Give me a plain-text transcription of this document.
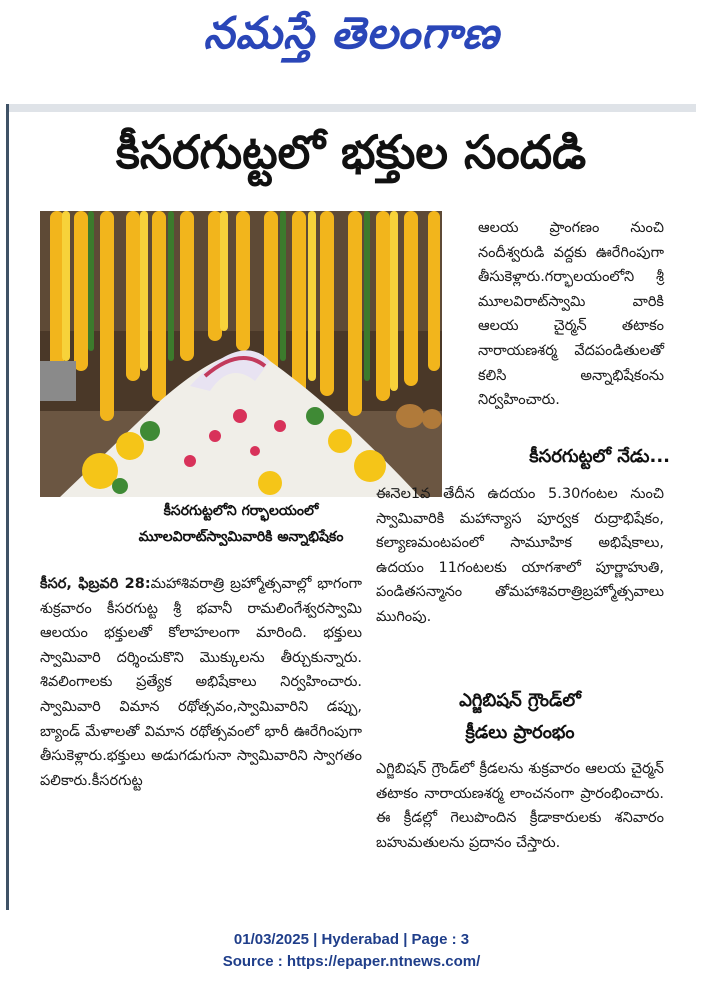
నమస్తే తెలంగాణ
కీసరగుట్టలో భక్తుల సందడి
కీసరగుట్టలోని గర్భాలయంలో
మూలవిరాట్‌స్వామివారికి అన్నాభిషేకం
కీసర, ఫిబ్రవరి 28:మహాశివరాత్రి బ్రహ్మోత్సవాల్లో భాగంగా శుక్రవారం కీసరగుట్ట శ్రీ భవానీ రామలింగేశ్వరస్వామి ఆలయం భక్తులతో కోలాహలంగా మారింది. భక్తులు స్వామివారి దర్శించుకొని మొక్కులను తీర్చుకున్నారు. శివలింగాలకు ప్రత్యేక అభిషేకాలు నిర్వహించారు. స్వామివారి విమాన రథోత్సవం,స్వామివారిని డప్పు, బ్యాండ్ మేళాలతో విమాన రథోత్సవంలో భారీ ఊరేగింపుగా తీసుకెళ్లారు.భక్తులు అడుగడుగునా స్వామివారిని స్వాగతం పలికారు.కీసరగుట్ట
ఆలయ ప్రాంగణం నుంచి నందీశ్వరుడి వద్దకు ఊరేగింపుగా తీసుకెళ్లారు.గర్భాలయంలోని శ్రీ మూలవిరాట్‌స్వామి వారికి ఆలయ చైర్మన్ తటాకం నారాయణశర్మ వేదపండితులతో కలిసి అన్నాభిషేకంను నిర్వహించారు.
కీసరగుట్టలో నేడు...
ఈనెల1వ తేదీన ఉదయం 5.30గంటల నుంచి స్వామివారికి మహాన్యాస పూర్వక రుద్రాభిషేకం, కల్యాణమంటపంలో సామూహిక అభిషేకాలు, ఉదయం 11గంటలకు యాగశాలో పూర్ణాహుతి, పండితసన్మానం తోమహాశివరాత్రిబ్రహ్మోత్సవాలు ముగింపు.
ఎగ్జిబిషన్ గ్రౌండ్‌లో
క్రీడలు ప్రారంభం
ఎగ్జిబిషన్ గ్రౌండ్‌లో క్రీడలను శుక్రవారం ఆలయ చైర్మన్ తటాకం నారాయణశర్మ లాంచనంగా ప్రారంభించారు. ఈ క్రీడల్లో గెలుపొందిన క్రీడాకారులకు శనివారం బహుమతులను ప్రదానం చేస్తారు.
01/03/2025 | Hyderabad | Page : 3
Source : https://epaper.ntnews.com/
